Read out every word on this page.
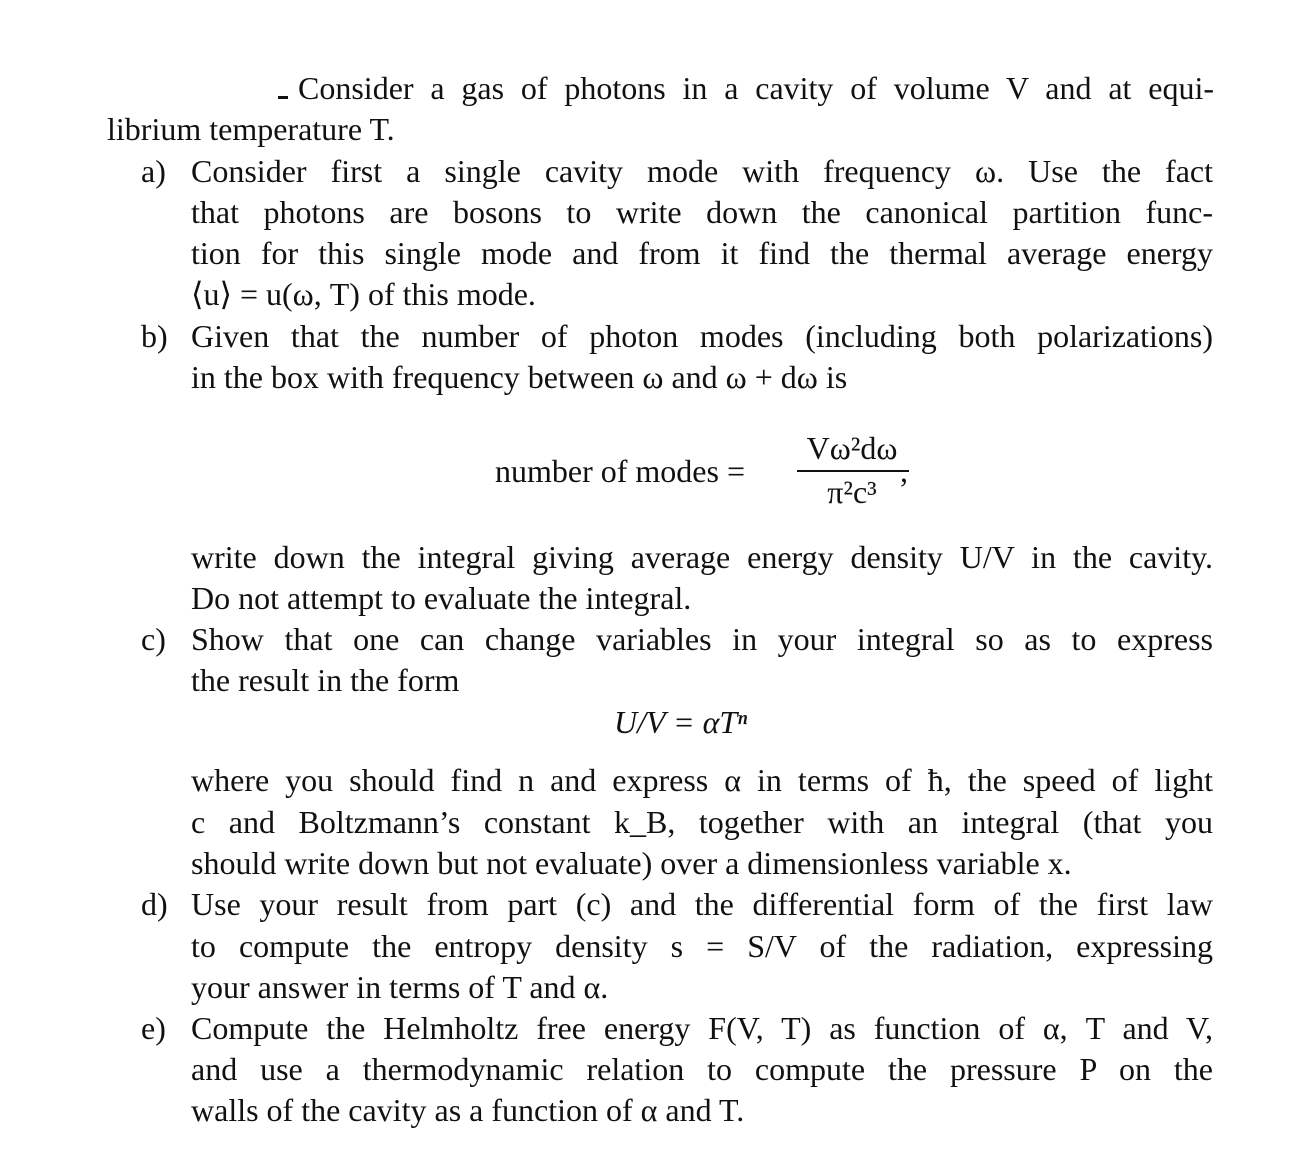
Consider a gas of photons in a cavity of volume V and at equi-
librium temperature T.
a) Consider first a single cavity mode with frequency ω. Use the fact
that photons are bosons to write down the canonical partition func-
tion for this single mode and from it find the thermal average energy
⟨u⟩ = u(ω, T) of this mode.
b) Given that the number of photon modes (including both polarizations)
in the box with frequency between ω and ω + dω is
number of modes =
Vω²dω
π²c³
,
write down the integral giving average energy density U/V in the cavity.
Do not attempt to evaluate the integral.
c) Show that one can change variables in your integral so as to express
the result in the form
U/V = αTⁿ
where you should find n and express α in terms of ħ, the speed of light
c and Boltzmann’s constant k_B, together with an integral (that you
should write down but not evaluate) over a dimensionless variable x.
d) Use your result from part (c) and the differential form of the first law
to compute the entropy density s = S/V of the radiation, expressing
your answer in terms of T and α.
e) Compute the Helmholtz free energy F(V, T) as function of α, T and V,
and use a thermodynamic relation to compute the pressure P on the
walls of the cavity as a function of α and T.
